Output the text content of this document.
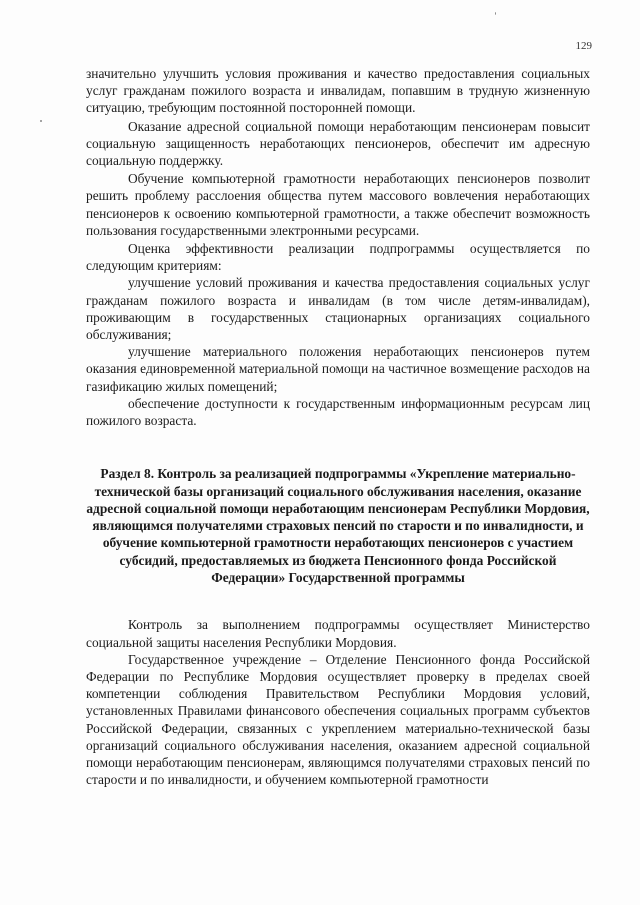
129

значительно улучшить условия проживания и качество предоставления социальных услуг гражданам пожилого возраста и инвалидам, попавшим в трудную жизненную ситуацию, требующим постоянной посторонней помощи.

Оказание адресной социальной помощи неработающим пенсионерам повысит социальную защищенность неработающих пенсионеров, обеспечит им адресную социальную поддержку.

Обучение компьютерной грамотности неработающих пенсионеров позволит решить проблему расслоения общества путем массового вовлечения неработающих пенсионеров к освоению компьютерной грамотности, а также обеспечит возможность пользования государственными электронными ресурсами.

Оценка эффективности реализации подпрограммы осуществляется по следующим критериям:

улучшение условий проживания и качества предоставления социальных услуг гражданам пожилого возраста и инвалидам (в том числе детям-инвалидам), проживающим в государственных стационарных организациях социального обслуживания;

улучшение материального положения неработающих пенсионеров путем оказания единовременной материальной помощи на частичное возмещение расходов на газификацию жилых помещений;

обеспечение доступности к государственным информационным ресурсам лиц пожилого возраста.

Раздел 8. Контроль за реализацией подпрограммы «Укрепление материально-технической базы организаций социального обслуживания населения, оказание адресной социальной помощи неработающим пенсионерам Республики Мордовия, являющимся получателями страховых пенсий по старости и по инвалидности, и обучение компьютерной грамотности неработающих пенсионеров с участием субсидий, предоставляемых из бюджета Пенсионного фонда Российской Федерации» Государственной программы

Контроль за выполнением подпрограммы осуществляет Министерство социальной защиты населения Республики Мордовия.

Государственное учреждение – Отделение Пенсионного фонда Российской Федерации по Республике Мордовия осуществляет проверку в пределах своей компетенции соблюдения Правительством Республики Мордовия условий, установленных Правилами финансового обеспечения социальных программ субъектов Российской Федерации, связанных с укреплением материально-технической базы организаций социального обслуживания населения, оказанием адресной социальной помощи неработающим пенсионерам, являющимся получателями страховых пенсий по старости и по инвалидности, и обучением компьютерной грамотности
